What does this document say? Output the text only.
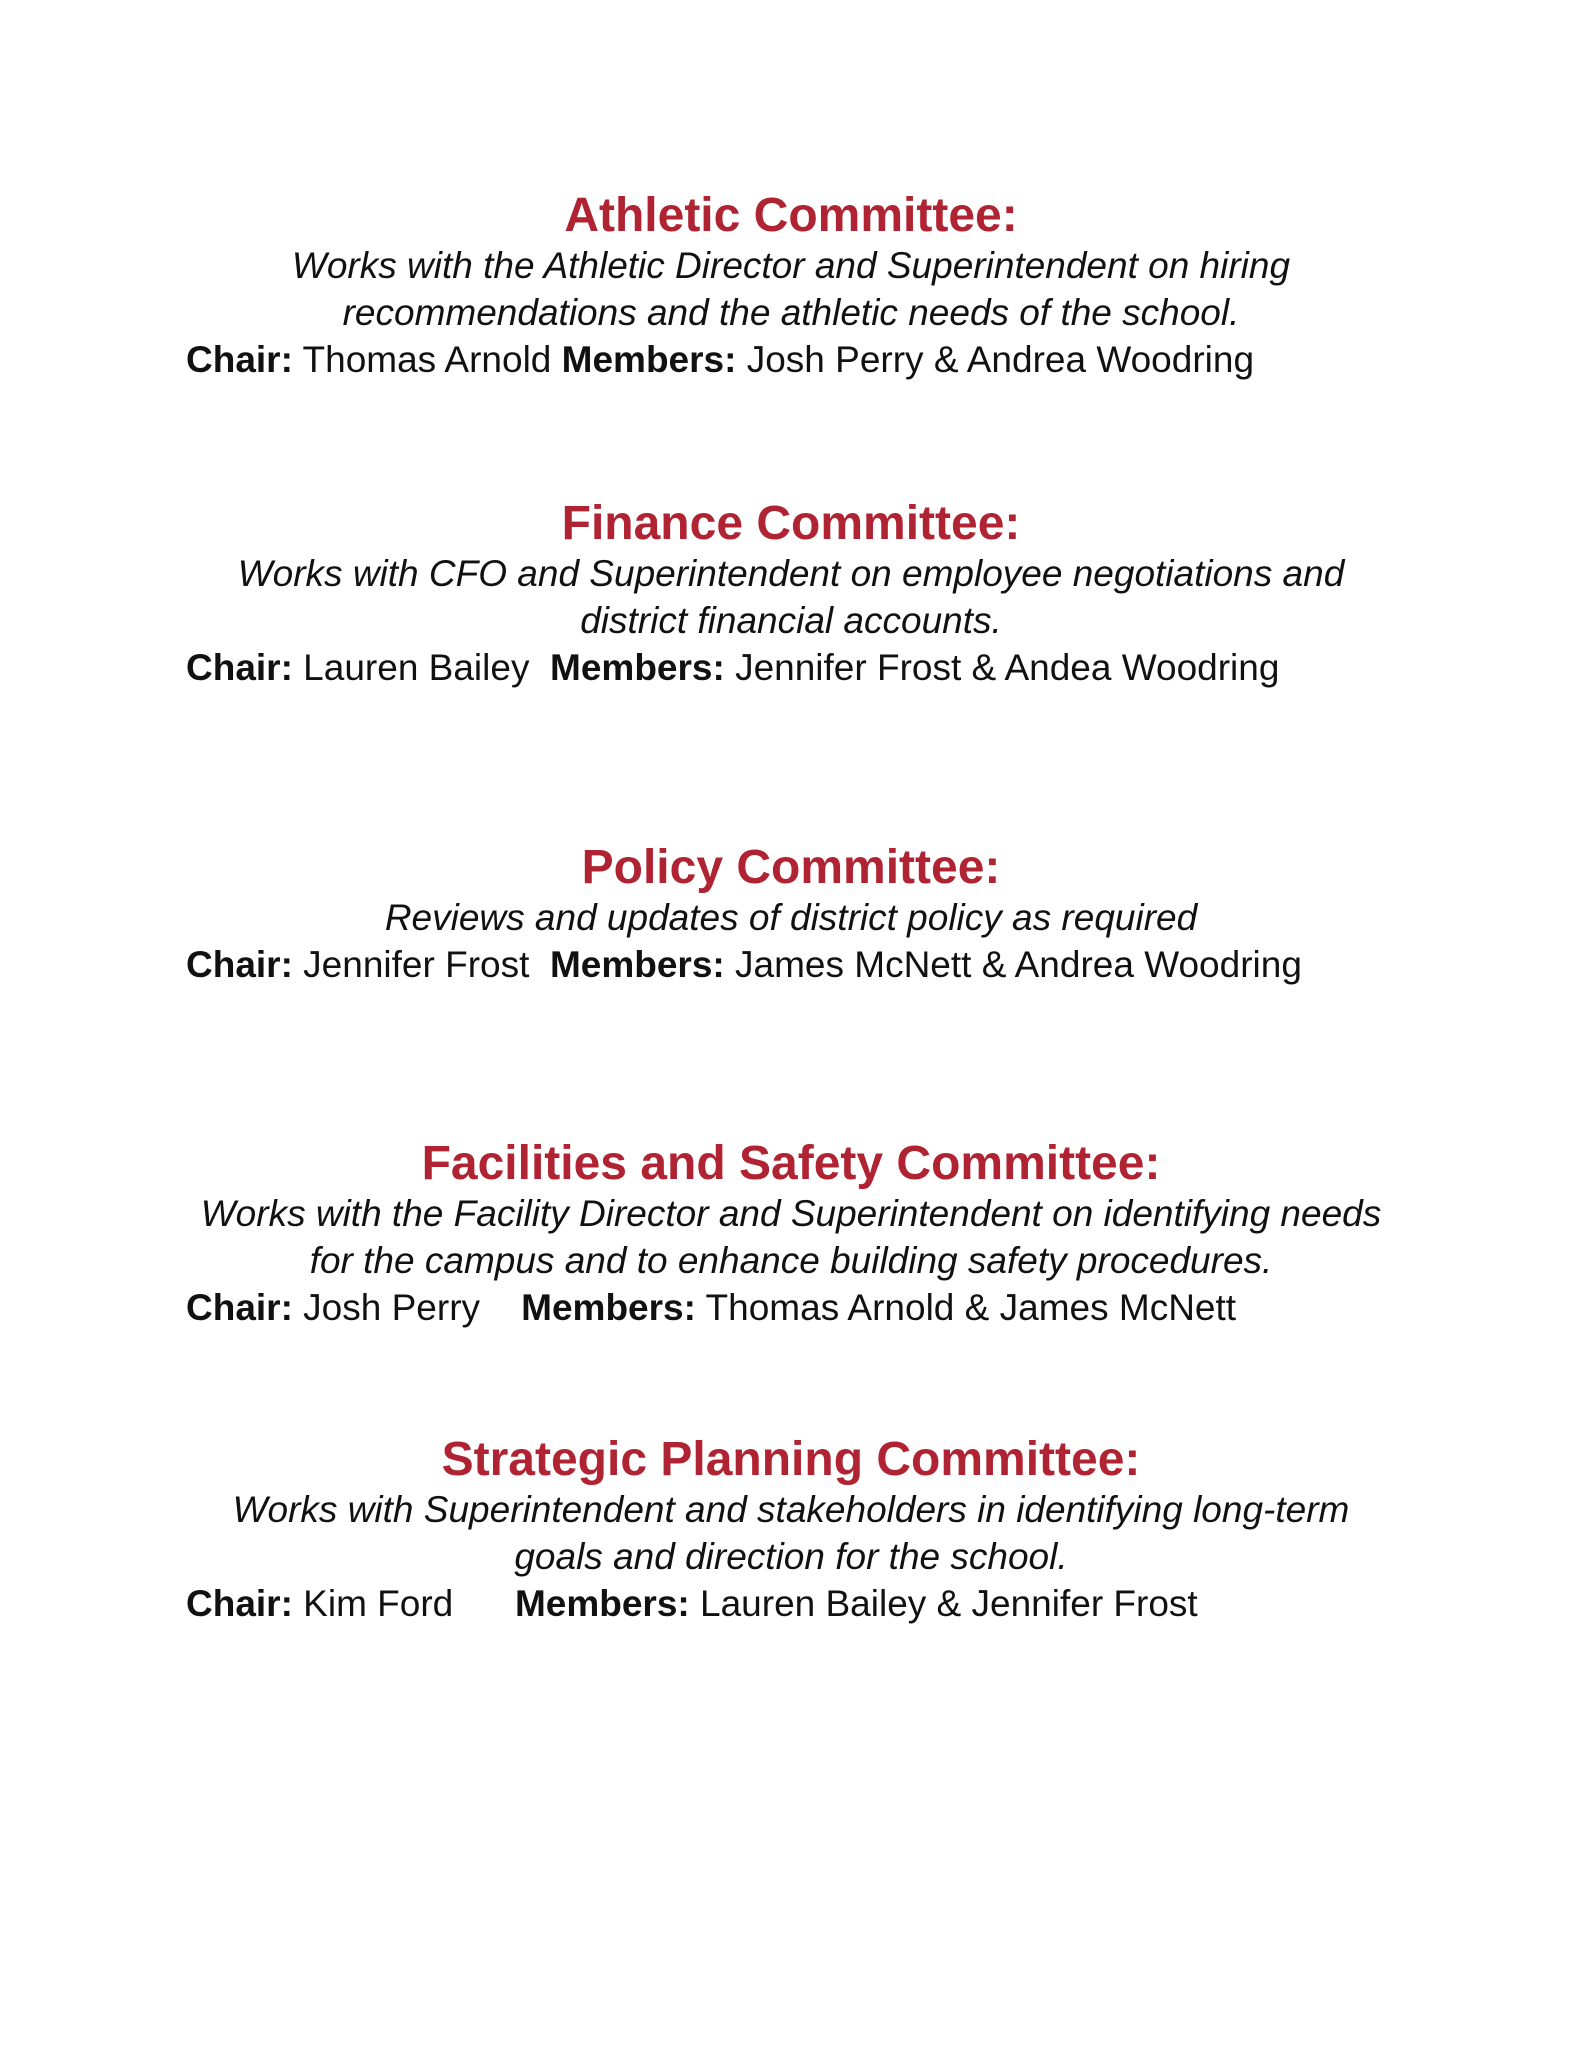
Athletic Committee:

Works with the Athletic Director and Superintendent on hiring recommendations and the athletic needs of the school.

Chair: Thomas Arnold Members: Josh Perry & Andrea Woodring

Finance Committee:

Works with CFO and Superintendent on employee negotiations and district financial accounts.

Chair: Lauren Bailey  Members: Jennifer Frost & Andea Woodring

Policy Committee:

Reviews and updates of district policy as required

Chair: Jennifer Frost  Members: James McNett & Andrea Woodring

Facilities and Safety Committee:

Works with the Facility Director and Superintendent on identifying needs for the campus and to enhance building safety procedures.

Chair: Josh Perry    Members: Thomas Arnold & James McNett

Strategic Planning Committee:

Works with Superintendent and stakeholders in identifying long-term goals and direction for the school.

Chair: Kim Ford      Members: Lauren Bailey & Jennifer Frost
